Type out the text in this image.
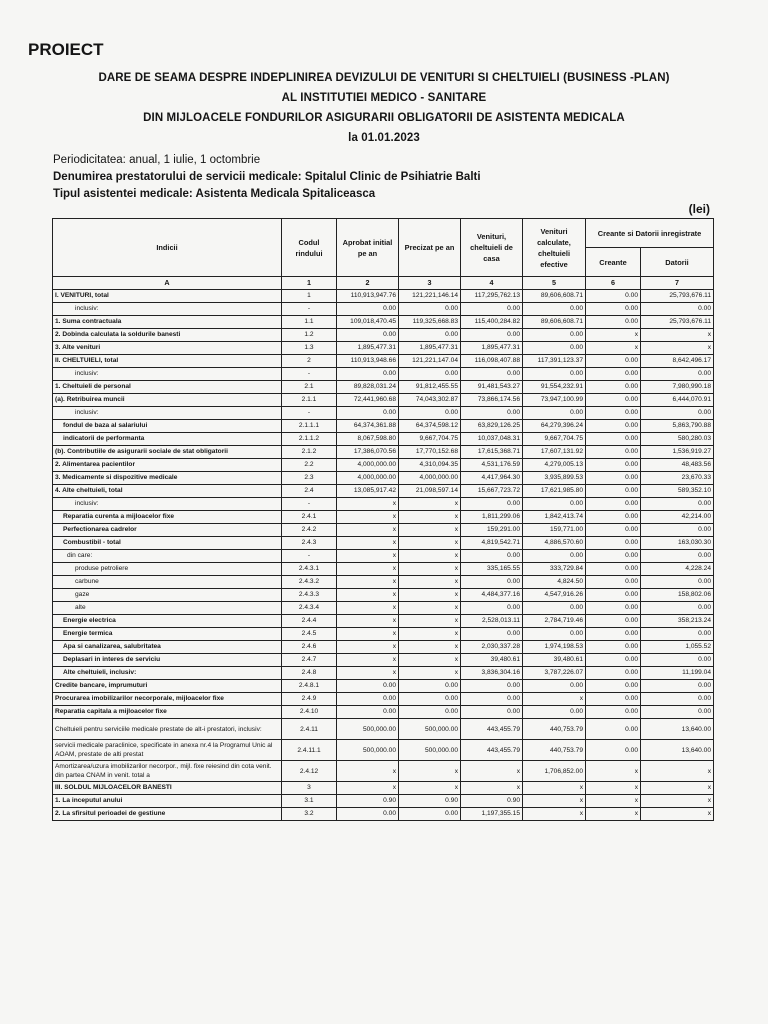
PROIECT
DARE DE SEAMA DESPRE INDEPLINIREA DEVIZULUI DE VENITURI SI CHELTUIELI (BUSINESS -PLAN)
AL INSTITUTIEI MEDICO - SANITARE
DIN MIJLOACELE FONDURILOR ASIGURARII OBLIGATORII DE ASISTENTA MEDICALA
la 01.01.2023
Periodicitatea: anual, 1 iulie, 1 octombrie
Denumirea prestatorului de servicii medicale: Spitalul Clinic de Psihiatrie Balti
Tipul asistentei medicale: Asistenta Medicala Spitaliceasca
(lei)
Indicii	Codul rindului	Aprobat initial pe an	Precizat pe an	Venituri, cheltuieli de casa	Venituri calculate, cheltuieli efective	Creante si Datorii inregistrate	
						Creante	Datorii
A	1	2	3	4	5	6	7
I. VENITURI, total	1	110,913,947.76	121,221,146.14	117,295,762.13	89,606,608.71	0.00	25,793,676.11
inclusiv:	-	0.00	0.00	0.00	0.00	0.00	0.00
1. Suma contractuala	1.1	109,018,470.45	119,325,668.83	115,400,284.82	89,606,608.71	0.00	25,793,676.11
2. Dobinda calculata la soldurile banesti	1.2	0.00	0.00	0.00	0.00	x	x
3. Alte venituri	1.3	1,895,477.31	1,895,477.31	1,895,477.31	0.00	x	x
II. CHELTUIELI, total	2	110,913,948.66	121,221,147.04	116,098,407.88	117,391,123.37	0.00	8,642,496.17
inclusiv:	-	0.00	0.00	0.00	0.00	0.00	0.00
1. Cheltuieli de personal	2.1	89,828,031.24	91,812,455.55	91,481,543.27	91,554,232.91	0.00	7,980,990.18
(a). Retribuirea muncii	2.1.1	72,441,960.68	74,043,302.87	73,866,174.56	73,947,100.99	0.00	6,444,070.91
inclusiv:	-	0.00	0.00	0.00	0.00	0.00	0.00
fondul de baza al salariului	2.1.1.1	64,374,361.88	64,374,598.12	63,829,126.25	64,279,396.24	0.00	5,863,790.88
indicatorii de performanta	2.1.1.2	8,067,598.80	9,667,704.75	10,037,048.31	9,667,704.75	0.00	580,280.03
(b). Contributiile de asigurarii sociale de stat obligatorii	2.1.2	17,386,070.56	17,770,152.68	17,615,368.71	17,607,131.92	0.00	1,536,919.27
2. Alimentarea pacientilor	2.2	4,000,000.00	4,310,094.35	4,531,176.59	4,279,005.13	0.00	48,483.56
3. Medicamente si dispozitive medicale	2.3	4,000,000.00	4,000,000.00	4,417,964.30	3,935,899.53	0.00	23,670.33
4. Alte cheltuieli, total	2.4	13,085,917.42	21,098,597.14	15,667,723.72	17,621,985.80	0.00	589,352.10
inclusiv:	-	x	x	0.00	0.00	0.00	0.00
Reparatia curenta a mijloacelor fixe	2.4.1	x	x	1,811,299.06	1,842,413.74	0.00	42,214.00
Perfectionarea cadrelor	2.4.2	x	x	159,291.00	159,771.00	0.00	0.00
Combustibil - total	2.4.3	x	x	4,819,542.71	4,886,570.60	0.00	163,030.30
din care:	-	x	x	0.00	0.00	0.00	0.00
produse petroliere	2.4.3.1	x	x	335,165.55	333,729.84	0.00	4,228.24
carbune	2.4.3.2	x	x	0.00	4,824.50	0.00	0.00
gaze	2.4.3.3	x	x	4,484,377.16	4,547,916.26	0.00	158,802.06
alte	2.4.3.4	x	x	0.00	0.00	0.00	0.00
Energie electrica	2.4.4	x	x	2,528,013.11	2,784,719.46	0.00	358,213.24
Energie termica	2.4.5	x	x	0.00	0.00	0.00	0.00
Apa si canalizarea, salubritatea	2.4.6	x	x	2,030,337.28	1,974,198.53	0.00	1,055.52
Deplasari in interes de serviciu	2.4.7	x	x	39,480.61	39,480.61	0.00	0.00
Alte cheltuieli, inclusiv:	2.4.8	x	x	3,836,304.16	3,787,226.07	0.00	11,199.04
Credite bancare, imprumuturi	2.4.8.1	0.00	0.00	0.00	0.00	0.00	0.00
Procurarea imobilizarilor necorporale, mijloacelor fixe	2.4.9	0.00	0.00	0.00	x	0.00	0.00
Reparatia capitala a mijloacelor fixe	2.4.10	0.00	0.00	0.00	0.00	0.00	0.00
Cheltuieli pentru serviciile medicale prestate de alt-i prestatori, inclusiv:	2.4.11	500,000.00	500,000.00	443,455.79	440,753.79	0.00	13,640.00
servicii medicale paraclinice, specificate in anexa nr.4 la Programul Unic al AOAM, prestate de alti prestat	2.4.11.1	500,000.00	500,000.00	443,455.79	440,753.79	0.00	13,640.00
Amortizarea/uzura imobilizarilor necorpor., mijl. fixe reiesind din cota venit. din partea CNAM in venit. total a	2.4.12	x	x	x	1,706,852.00	x	x
III. SOLDUL MIJLOACELOR BANESTI	3	x	x	x	x	x	x
1. La inceputul anului	3.1	0.90	0.90	0.90	x	x	x
2. La sfirsitul perioadei de gestiune	3.2	0.00	0.00	1,197,355.15	x	x	x
